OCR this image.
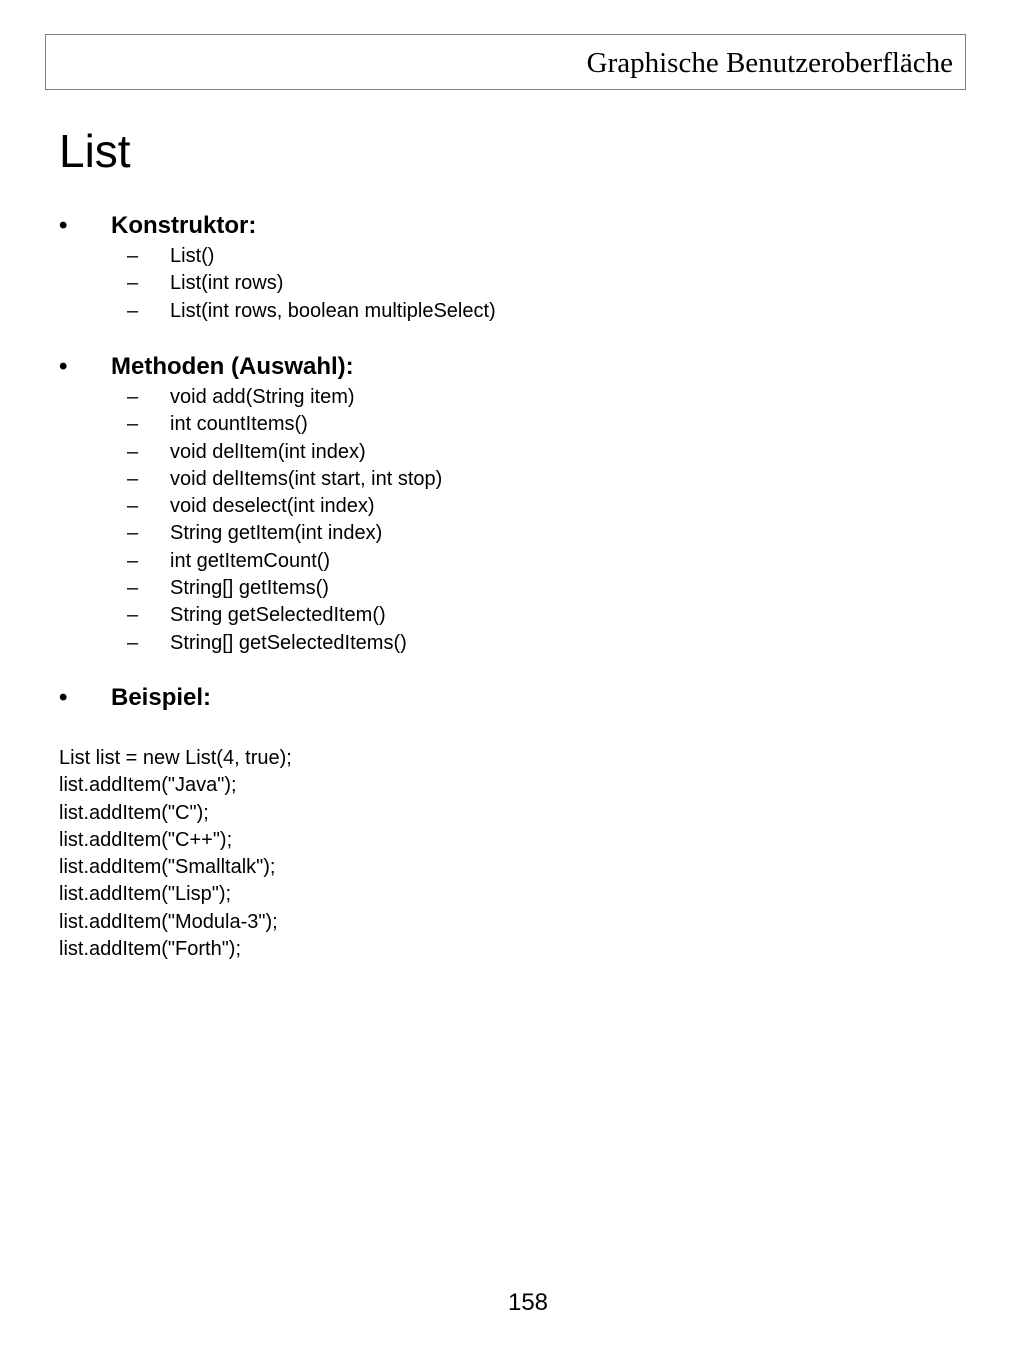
Graphische Benutzeroberfläche
List
• Konstruktor:
– List()
– List(int rows)
– List(int rows, boolean multipleSelect)
• Methoden (Auswahl):
– void add(String item)
– int countItems()
– void delItem(int index)
– void delItems(int start, int stop)
– void deselect(int index)
– String getItem(int index)
– int getItemCount()
– String[] getItems()
– String getSelectedItem()
– String[] getSelectedItems()
• Beispiel:
List list = new List(4, true);
list.addItem("Java");
list.addItem("C");
list.addItem("C++");
list.addItem("Smalltalk");
list.addItem("Lisp");
list.addItem("Modula-3");
list.addItem("Forth");
158
